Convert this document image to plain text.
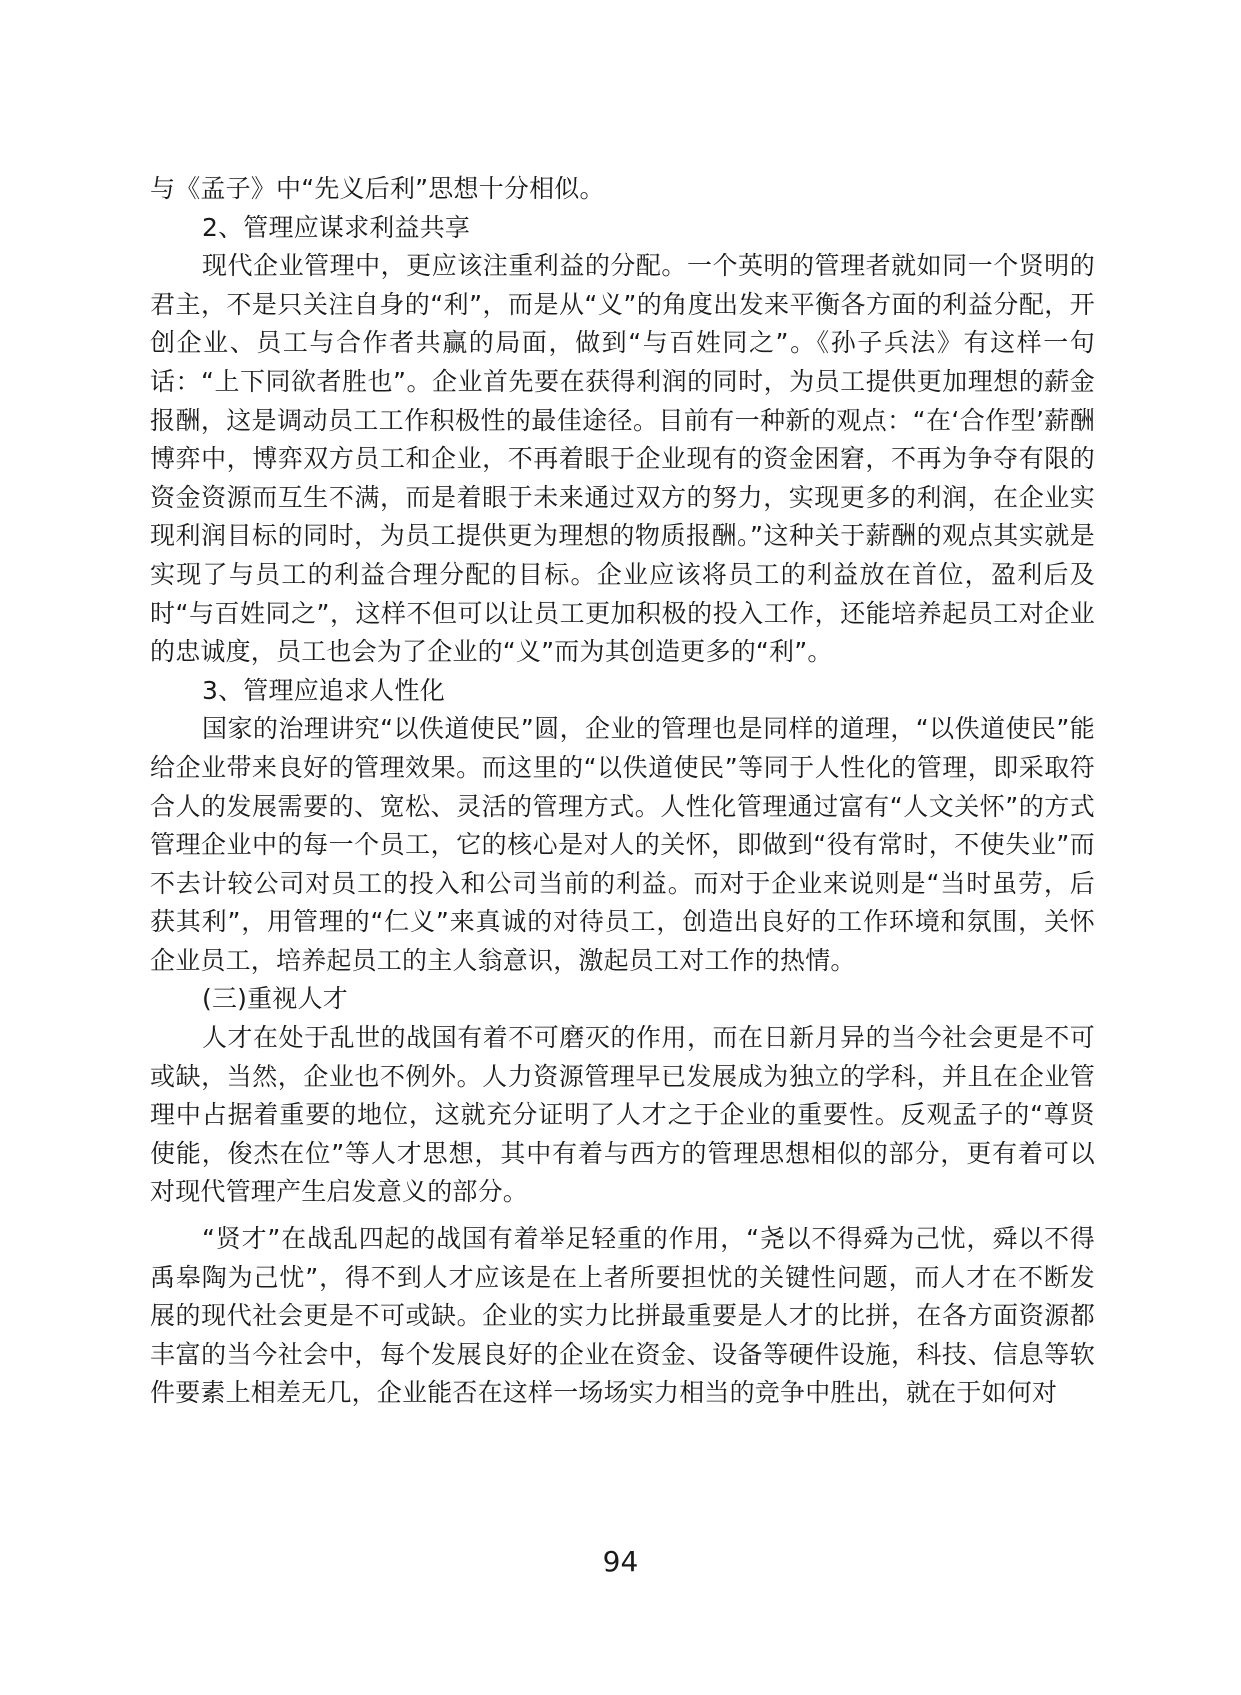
与《孟子》中“先义后利”思想十分相似。

2、管理应谋求利益共享

现代企业管理中，更应该注重利益的分配。一个英明的管理者就如同一个贤明的君主，不是只关注自身的“利”，而是从“义”的角度出发来平衡各方面的利益分配，开创企业、员工与合作者共赢的局面，做到“与百姓同之”。《孙子兵法》有这样一句话：“上下同欲者胜也”。企业首先要在获得利润的同时，为员工提供更加理想的薪金报酬，这是调动员工工作积极性的最佳途径。目前有一种新的观点：“在‘合作型’薪酬博弈中，博弈双方员工和企业，不再着眼于企业现有的资金困窘，不再为争夺有限的资金资源而互生不满，而是着眼于未来通过双方的努力，实现更多的利润，在企业实现利润目标的同时，为员工提供更为理想的物质报酬。”这种关于薪酬的观点其实就是实现了与员工的利益合理分配的目标。企业应该将员工的利益放在首位，盈利后及时“与百姓同之”，这样不但可以让员工更加积极的投入工作，还能培养起员工对企业的忠诚度，员工也会为了企业的“义”而为其创造更多的“利”。

3、管理应追求人性化

国家的治理讲究“以佚道使民”圆，企业的管理也是同样的道理，“以佚道使民”能给企业带来良好的管理效果。而这里的“以佚道使民”等同于人性化的管理，即采取符合人的发展需要的、宽松、灵活的管理方式。人性化管理通过富有“人文关怀”的方式管理企业中的每一个员工，它的核心是对人的关怀，即做到“役有常时，不使失业”而不去计较公司对员工的投入和公司当前的利益。而对于企业来说则是“当时虽劳，后获其利”，用管理的“仁义”来真诚的对待员工，创造出良好的工作环境和氛围，关怀企业员工，培养起员工的主人翁意识，激起员工对工作的热情。

(三)重视人才

人才在处于乱世的战国有着不可磨灭的作用，而在日新月异的当今社会更是不可或缺，当然，企业也不例外。人力资源管理早已发展成为独立的学科，并且在企业管理中占据着重要的地位，这就充分证明了人才之于企业的重要性。反观孟子的“尊贤使能，俊杰在位”等人才思想，其中有着与西方的管理思想相似的部分，更有着可以对现代管理产生启发意义的部分。

“贤才”在战乱四起的战国有着举足轻重的作用，“尧以不得舜为己忧，舜以不得禹皋陶为己忧”，得不到人才应该是在上者所要担忧的关键性问题，而人才在不断发展的现代社会更是不可或缺。企业的实力比拼最重要是人才的比拼，在各方面资源都丰富的当今社会中，每个发展良好的企业在资金、设备等硬件设施，科技、信息等软件要素上相差无几，企业能否在这样一场场实力相当的竞争中胜出，就在于如何对

94
